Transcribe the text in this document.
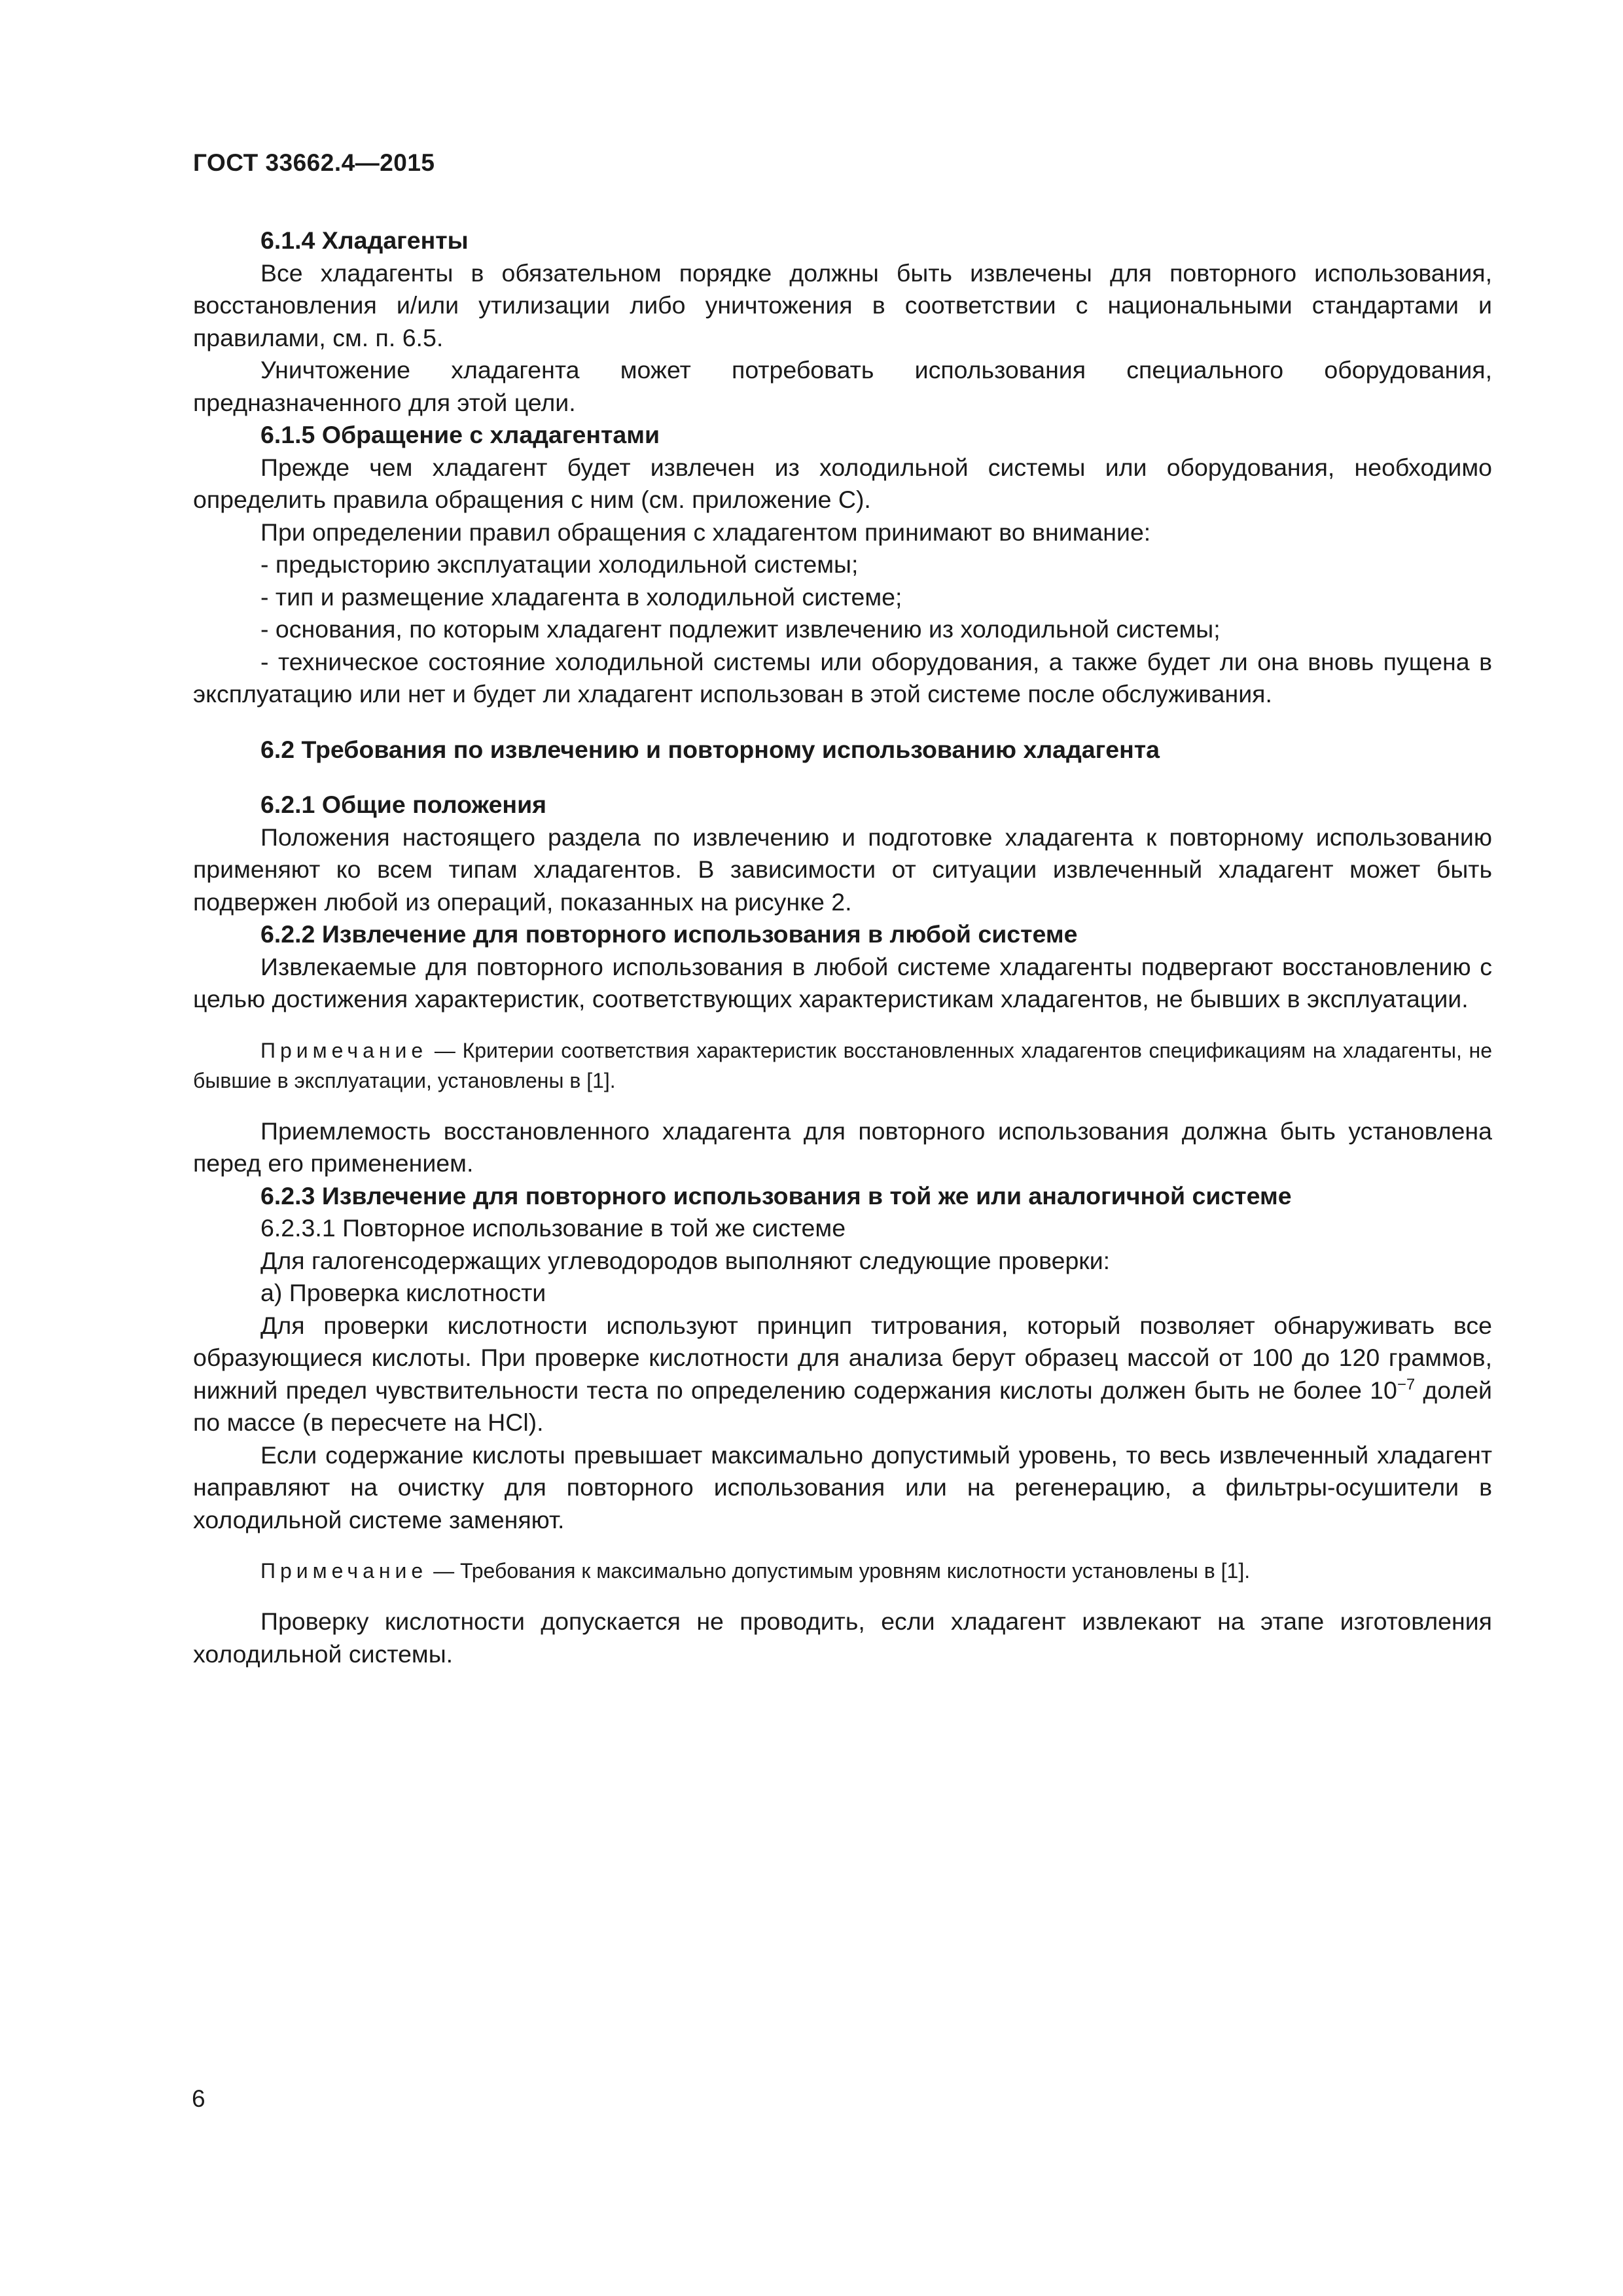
ГОСТ 33662.4—2015

6.1.4 Хладагенты

Все хладагенты в обязательном порядке должны быть извлечены для повторного использования, восстановления и/или утилизации либо уничтожения в соответствии с национальными стандартами и правилами, см. п. 6.5.

Уничтожение хладагента может потребовать использования специального оборудования, предназначенного для этой цели.

6.1.5 Обращение с хладагентами

Прежде чем хладагент будет извлечен из холодильной системы или оборудования, необходимо определить правила обращения с ним (см. приложение С).

При определении правил обращения с хладагентом принимают во внимание:

- предысторию эксплуатации холодильной системы;

- тип и размещение хладагента в холодильной системе;

- основания, по которым хладагент подлежит извлечению из холодильной системы;

- техническое состояние холодильной системы или оборудования, а также будет ли она вновь пущена в эксплуатацию или нет и будет ли хладагент использован в этой системе после обслуживания.

6.2 Требования по извлечению и повторному использованию хладагента

6.2.1 Общие положения

Положения настоящего раздела по извлечению и подготовке хладагента к повторному использованию применяют ко всем типам хладагентов. В зависимости от ситуации извлеченный хладагент может быть подвержен любой из операций, показанных на рисунке 2.

6.2.2 Извлечение для повторного использования в любой системе

Извлекаемые для повторного использования в любой системе хладагенты подвергают восстановлению с целью достижения характеристик, соответствующих характеристикам хладагентов, не бывших в эксплуатации.

Примечание — Критерии соответствия характеристик восстановленных хладагентов спецификациям на хладагенты, не бывшие в эксплуатации, установлены в [1].

Приемлемость восстановленного хладагента для повторного использования должна быть установлена перед его применением.

6.2.3 Извлечение для повторного использования в той же или аналогичной системе

6.2.3.1 Повторное использование в той же системе

Для галогенсодержащих углеводородов выполняют следующие проверки:

а) Проверка кислотности

Для проверки кислотности используют принцип титрования, который позволяет обнаруживать все образующиеся кислоты. При проверке кислотности для анализа берут образец массой от 100 до 120 граммов, нижний предел чувствительности теста по определению содержания кислоты должен быть не более $10^{-7}$ долей по массе (в пересчете на HCl).

Если содержание кислоты превышает максимально допустимый уровень, то весь извлеченный хладагент направляют на очистку для повторного использования или на регенерацию, а фильтры-осушители в холодильной системе заменяют.

Примечание — Требования к максимально допустимым уровням кислотности установлены в [1].

Проверку кислотности допускается не проводить, если хладагент извлекают на этапе изготовления холодильной системы.

6
